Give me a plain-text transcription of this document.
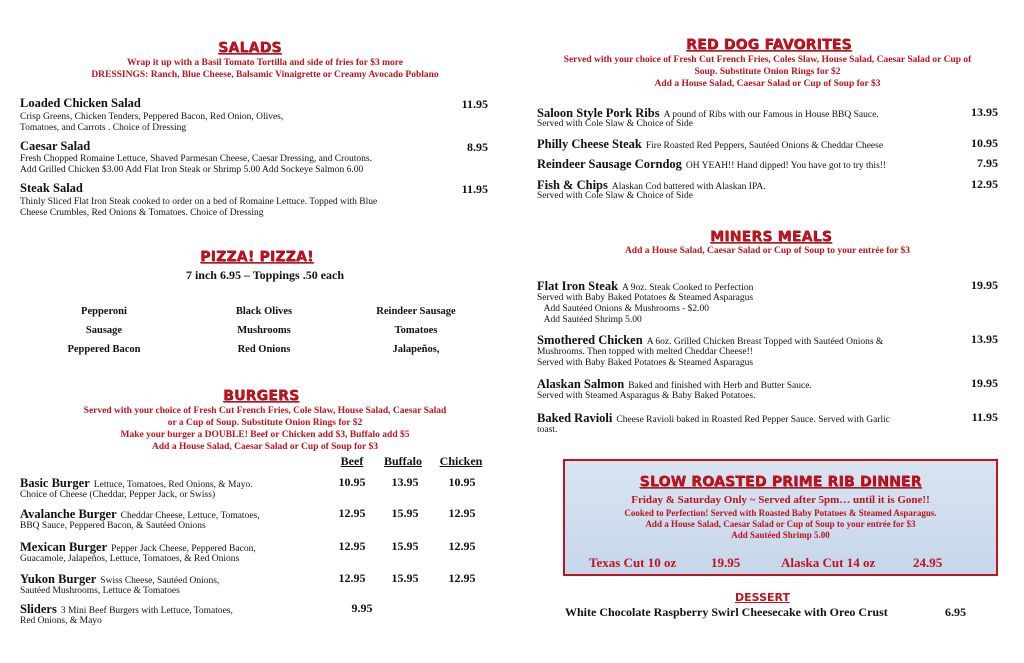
SALADS
Wrap it up with a Basil Tomato Tortilla and side of fries for $3 more
DRESSINGS: Ranch, Blue Cheese, Balsamic Vinaigrette or Creamy Avocado Poblano
Loaded Chicken Salad	11.95
Crisp Greens, Chicken Tenders, Peppered Bacon, Red Onion, Olives,
Tomatoes, and Carrots . Choice of Dressing
Caesar Salad	8.95
Fresh Chopped Romaine Lettuce, Shaved Parmesan Cheese, Caesar Dressing, and Croutons.
Add Grilled Chicken $3.00 Add Flat Iron Steak or Shrimp 5.00 Add Sockeye Salmon 6.00
Steak Salad	11.95
Thinly Sliced Flat Iron Steak cooked to order on a bed of Romaine Lettuce. Topped with Blue
Cheese Crumbles, Red Onions & Tomatoes. Choice of Dressing
PIZZA! PIZZA!
7 inch 6.95 – Toppings .50 each
Pepperoni	Black Olives	Reindeer Sausage
Sausage	Mushrooms	Tomatoes
Peppered Bacon	Red Onions	Jalapeños,
BURGERS
Served with your choice of Fresh Cut French Fries, Cole Slaw, House Salad, Caesar Salad
or a Cup of Soup. Substitute Onion Rings for $2
Make your burger a DOUBLE! Beef or Chicken add $3, Buffalo add $5
Add a House Salad, Caesar Salad or Cup of Soup for $3
Beef	Buffalo	Chicken
Basic Burger Lettuce, Tomatoes, Red Onions, & Mayo.
Choice of Cheese (Cheddar, Pepper Jack, or Swiss)
10.95	13.95	10.95
Avalanche Burger Cheddar Cheese, Lettuce, Tomatoes,
BBQ Sauce, Peppered Bacon, & Sautéed Onions
12.95	15.95	12.95
Mexican Burger Pepper Jack Cheese, Peppered Bacon,
Guacamole, Jalapeños, Lettuce, Tomatoes, & Red Onions
12.95	15.95	12.95
Yukon Burger Swiss Cheese, Sautéed Onions,
Sautéed Mushrooms, Lettuce & Tomatoes
12.95	15.95	12.95
Sliders 3 Mini Beef Burgers with Lettuce, Tomatoes,
Red Onions, & Mayo
9.95
RED DOG FAVORITES
Served with your choice of Fresh Cut French Fries, Coles Slaw, House Salad, Caesar Salad or Cup of
Soup. Substitute Onion Rings for $2
Add a House Salad, Caesar Salad or Cup of Soup for $3
Saloon Style Pork Ribs A pound of Ribs with our Famous in House BBQ Sauce.
Served with Cole Slaw & Choice of Side
13.95
Philly Cheese Steak Fire Roasted Red Peppers, Sautéed Onions & Cheddar Cheese	10.95
Reindeer Sausage Corndog OH YEAH!! Hand dipped! You have got to try this!!	7.95
Fish & Chips Alaskan Cod battered with Alaskan IPA.
Served with Cole Slaw & Choice of Side
12.95
MINERS MEALS
Add a House Salad, Caesar Salad or Cup of Soup to your entrée for $3
Flat Iron Steak A 9oz. Steak Cooked to Perfection
Served with Baby Baked Potatoes & Steamed Asparagus
Add Sautéed Onions & Mushrooms - $2.00
Add Sautéed Shrimp 5.00
19.95
Smothered Chicken A 6oz. Grilled Chicken Breast Topped with Sautéed Onions &
Mushrooms. Then topped with melted Cheddar Cheese!!
Served with Baby Baked Potatoes & Steamed Asparagus
13.95
Alaskan Salmon Baked and finished with Herb and Butter Sauce.
Served with Steamed Asparagus & Baby Baked Potatoes.
19.95
Baked Ravioli Cheese Ravioli baked in Roasted Red Pepper Sauce. Served with Garlic
toast.
11.95
SLOW ROASTED PRIME RIB DINNER
Friday & Saturday Only ~ Served after 5pm… until it is Gone!!
Cooked to Perfection! Served with Roasted Baby Potatoes & Steamed Asparagus.
Add a House Salad, Caesar Salad or Cup of Soup to your entrée for $3
Add Sautéed Shrimp 5.00
Texas Cut 10 oz	19.95	Alaska Cut 14 oz	24.95
DESSERT
White Chocolate Raspberry Swirl Cheesecake with Oreo Crust	6.95
